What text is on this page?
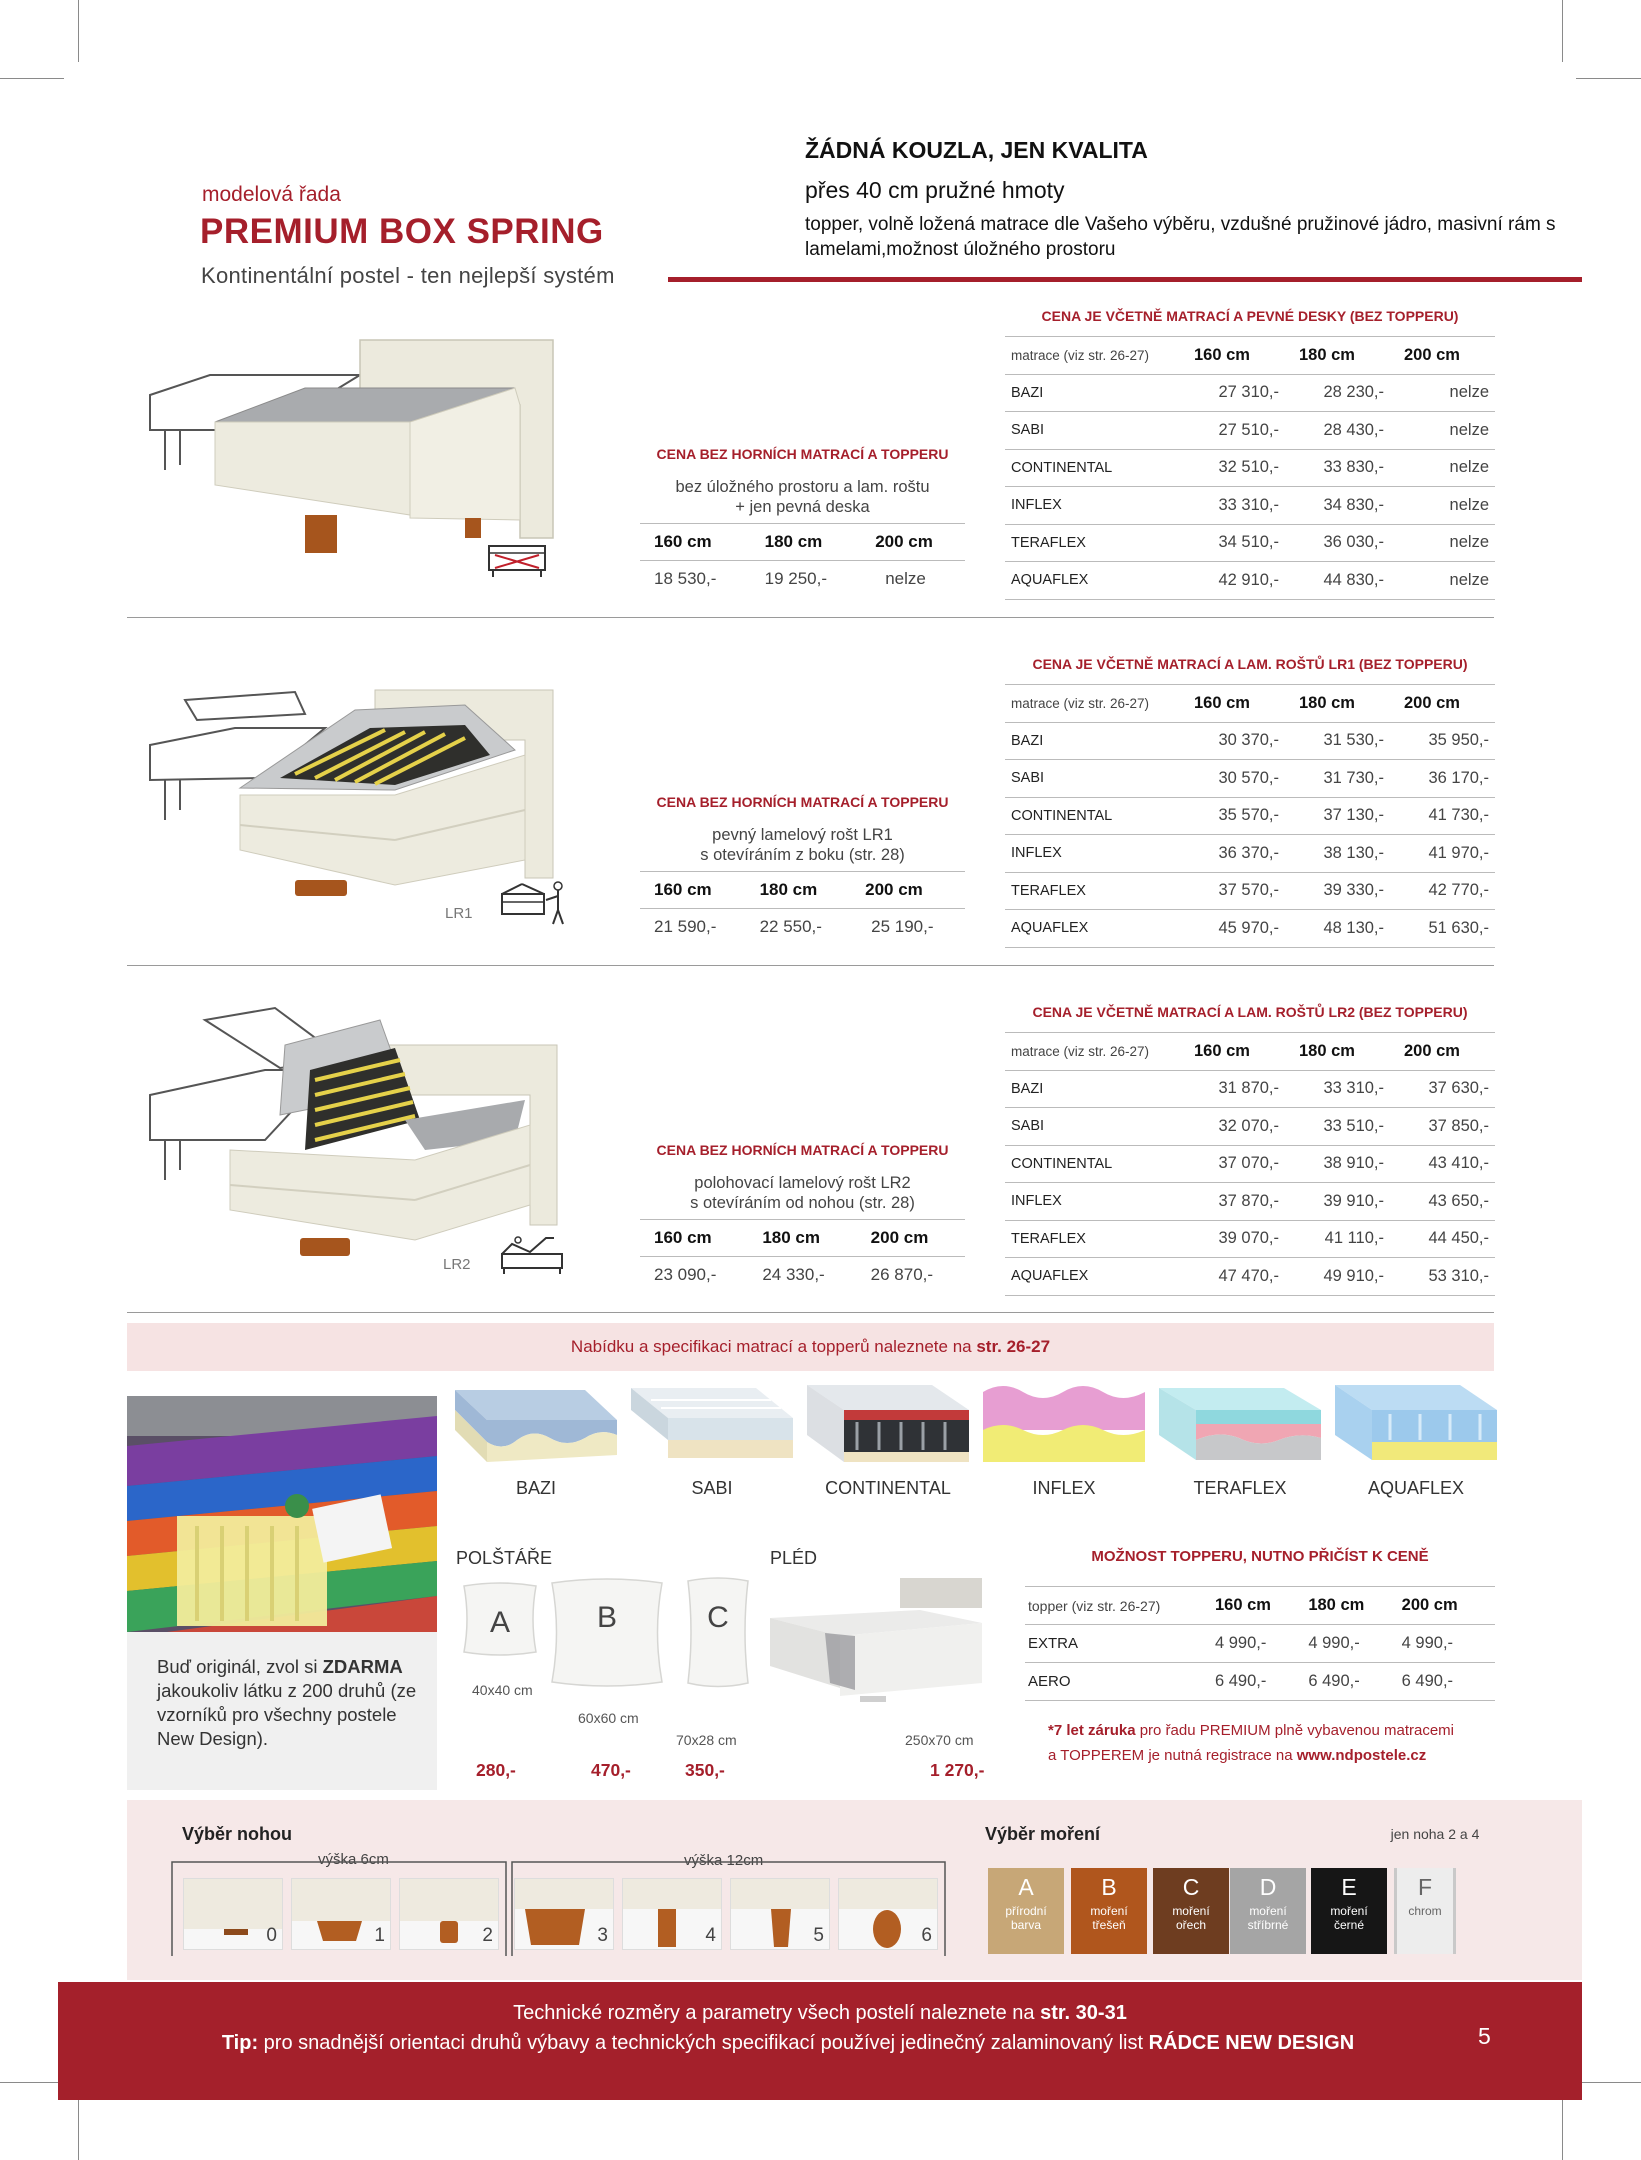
modelová řada
PREMIUM BOX SPRING
Kontinentální postel - ten nejlepší systém
ŽÁDNÁ KOUZLA, JEN KVALITA
přes 40 cm pružné hmoty
topper, volně ložená matrace dle Vašeho výběru, vzdušné pružinové jádro, masivní rám s lamelami,možnost úložného prostoru
CENA BEZ HORNÍCH MATRACÍ A TOPPERU
bez úložného prostoru a lam. roštu
+ jen pevná deska
160 cm	180 cm	200 cm
18 530,-	19 250,-	nelze
CENA JE VČETNĚ MATRACÍ A PEVNÉ DESKY (BEZ TOPPERU)
matrace (viz str. 26-27)	160 cm	180 cm	200 cm
BAZI	27 310,-	28 230,-	nelze
SABI	27 510,-	28 430,-	nelze
CONTINENTAL	32 510,-	33 830,-	nelze
INFLEX	33 310,-	34 830,-	nelze
TERAFLEX	34 510,-	36 030,-	nelze
AQUAFLEX	42 910,-	44 830,-	nelze
LR1
CENA BEZ HORNÍCH MATRACÍ A TOPPERU
pevný lamelový rošt LR1
s otevíráním z boku (str. 28)
160 cm	180 cm	200 cm
21 590,-	22 550,-	25 190,-
CENA JE VČETNĚ MATRACÍ A LAM. ROŠTŮ LR1 (BEZ TOPPERU)
matrace (viz str. 26-27)	160 cm	180 cm	200 cm
BAZI	30 370,-	31 530,-	35 950,-
SABI	30 570,-	31 730,-	36 170,-
CONTINENTAL	35 570,-	37 130,-	41 730,-
INFLEX	36 370,-	38 130,-	41 970,-
TERAFLEX	37 570,-	39 330,-	42 770,-
AQUAFLEX	45 970,-	48 130,-	51 630,-
LR2
CENA BEZ HORNÍCH MATRACÍ A TOPPERU
polohovací lamelový rošt LR2
s otevíráním od nohou (str. 28)
160 cm	180 cm	200 cm
23 090,-	24 330,-	26 870,-
CENA JE VČETNĚ MATRACÍ A LAM. ROŠTŮ LR2 (BEZ TOPPERU)
matrace (viz str. 26-27)	160 cm	180 cm	200 cm
BAZI	31 870,-	33 310,-	37 630,-
SABI	32 070,-	33 510,-	37 850,-
CONTINENTAL	37 070,-	38 910,-	43 410,-
INFLEX	37 870,-	39 910,-	43 650,-
TERAFLEX	39 070,-	41 110,-	44 450,-
AQUAFLEX	47 470,-	49 910,-	53 310,-
Nabídku a specifikaci matrací a topperů naleznete na str. 26-27
BAZI	SABI	CONTINENTAL	INFLEX	TERAFLEX	AQUAFLEX
Buď originál, zvol si ZDARMA jakoukoliv látku z 200 druhů (ze vzorníků pro všechny postele New Design).
POLŠTÁŘE
A	B	C
40x40 cm
60x60 cm
70x28 cm
280,-	470,-	350,-
PLÉD
250x70 cm
1 270,-
MOŽNOST TOPPERU, NUTNO PŘIČÍST K CENĚ
topper (viz str. 26-27)	160 cm	180 cm	200 cm
EXTRA	4 990,-	4 990,-	4 990,-
AERO	6 490,-	6 490,-	6 490,-
*7 let záruka pro řadu PREMIUM plně vybavenou matracemi
a TOPPEREM je nutná registrace na www.ndpostele.cz
Výběr nohou
výška 6cm	výška 12cm
0	1	2	3	4	5	6
Výběr moření	jen noha 2 a 4
A
přírodní
barva
B
moření
třešeň
C
moření
ořech
D
moření
stříbrné
E
moření
černé
F
chrom
Technické rozměry a parametry všech postelí naleznete na str. 30-31
Tip: pro snadnější orientaci druhů výbavy a technických specifikací používej jedinečný zalaminovaný list RÁDCE NEW DESIGN	5
